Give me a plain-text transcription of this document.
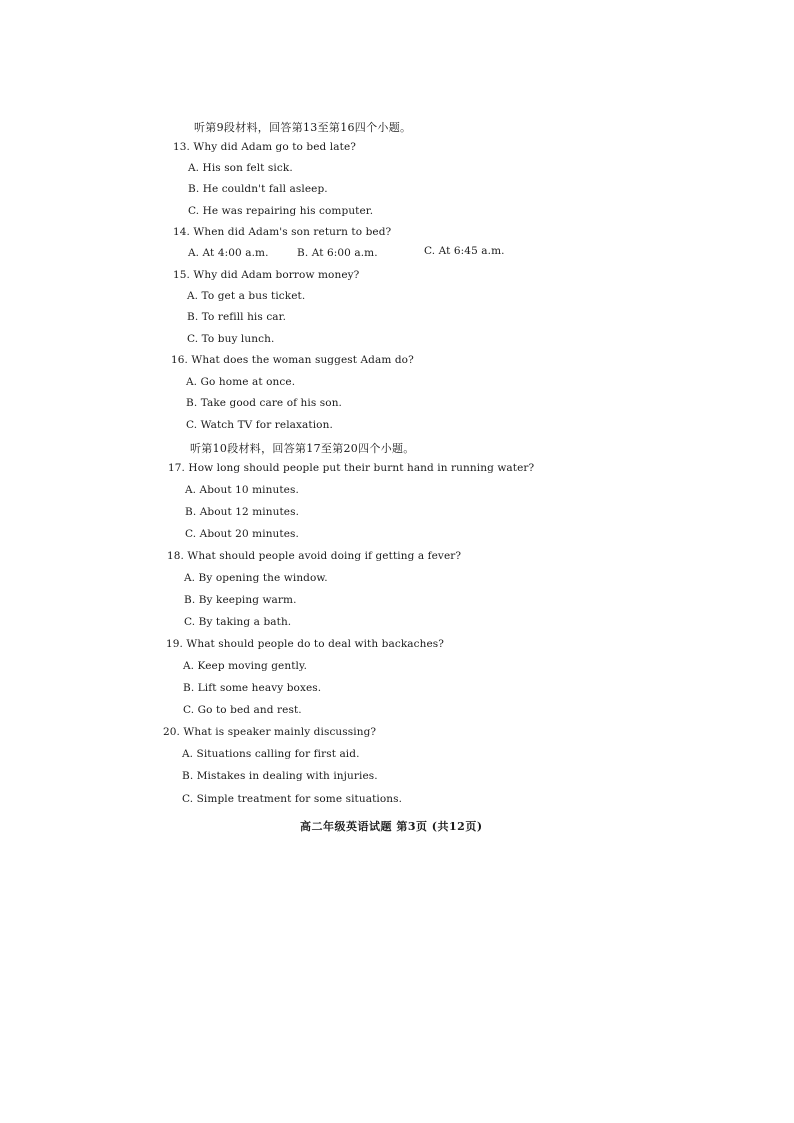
听第9段材料，回答第13至第16四个小题。
13. Why did Adam go to bed late?
A. His son felt sick.
B. He couldn't fall asleep.
C. He was repairing his computer.
14. When did Adam's son return to bed?
A. At 4:00 a.m.	B. At 6:00 a.m.	C. At 6:45 a.m.
15. Why did Adam borrow money?
A. To get a bus ticket.
B. To refill his car.
C. To buy lunch.
16. What does the woman suggest Adam do?
A. Go home at once.
B. Take good care of his son.
C. Watch TV for relaxation.
听第10段材料，回答第17至第20四个小题。
17. How long should people put their burnt hand in running water?
A. About 10 minutes.
B. About 12 minutes.
C. About 20 minutes.
18. What should people avoid doing if getting a fever?
A. By opening the window.
B. By keeping warm.
C. By taking a bath.
19. What should people do to deal with backaches?
A. Keep moving gently.
B. Lift some heavy boxes.
C. Go to bed and rest.
20. What is speaker mainly discussing?
A. Situations calling for first aid.
B. Mistakes in dealing with injuries.
C. Simple treatment for some situations.
高二年级英语试题 第3页 (共12页)
